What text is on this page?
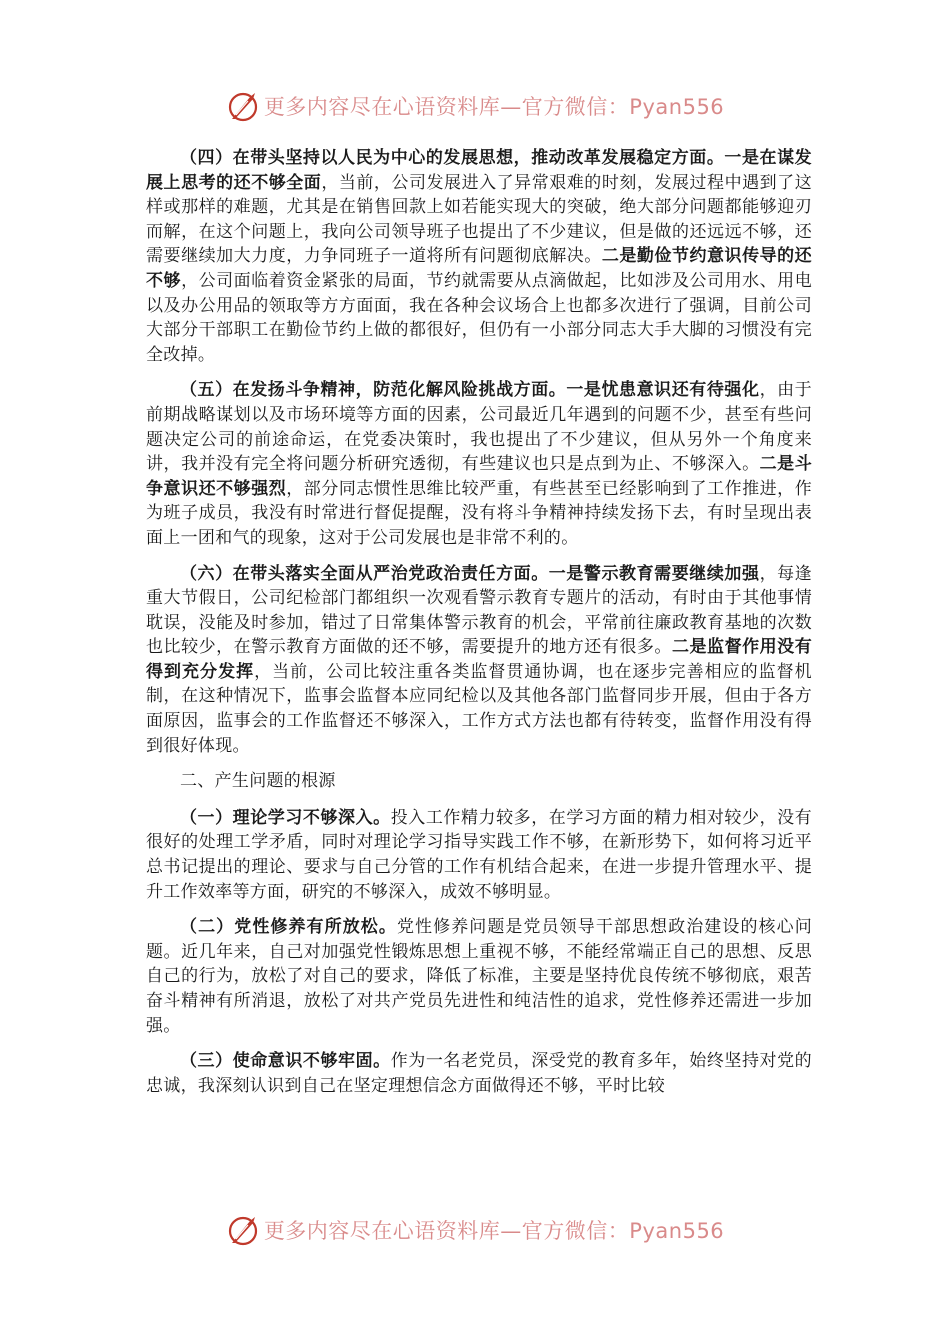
更多内容尽在心语资料库—官方微信：Pyan556

（四）在带头坚持以人民为中心的发展思想，推动改革发展稳定方面。一是在谋发展上思考的还不够全面，当前，公司发展进入了异常艰难的时刻，发展过程中遇到了这样或那样的难题，尤其是在销售回款上如若能实现大的突破，绝大部分问题都能够迎刃而解，在这个问题上，我向公司领导班子也提出了不少建议，但是做的还远远不够，还需要继续加大力度，力争同班子一道将所有问题彻底解决。二是勤俭节约意识传导的还不够，公司面临着资金紧张的局面，节约就需要从点滴做起，比如涉及公司用水、用电以及办公用品的领取等方方面面，我在各种会议场合上也都多次进行了强调，目前公司大部分干部职工在勤俭节约上做的都很好，但仍有一小部分同志大手大脚的习惯没有完全改掉。

（五）在发扬斗争精神，防范化解风险挑战方面。一是忧患意识还有待强化，由于前期战略谋划以及市场环境等方面的因素，公司最近几年遇到的问题不少，甚至有些问题决定公司的前途命运，在党委决策时，我也提出了不少建议，但从另外一个角度来讲，我并没有完全将问题分析研究透彻，有些建议也只是点到为止、不够深入。二是斗争意识还不够强烈，部分同志惯性思维比较严重，有些甚至已经影响到了工作推进，作为班子成员，我没有时常进行督促提醒，没有将斗争精神持续发扬下去，有时呈现出表面上一团和气的现象，这对于公司发展也是非常不利的。

（六）在带头落实全面从严治党政治责任方面。一是警示教育需要继续加强，每逢重大节假日，公司纪检部门都组织一次观看警示教育专题片的活动，有时由于其他事情耽误，没能及时参加，错过了日常集体警示教育的机会，平常前往廉政教育基地的次数也比较少，在警示教育方面做的还不够，需要提升的地方还有很多。二是监督作用没有得到充分发挥，当前，公司比较注重各类监督贯通协调，也在逐步完善相应的监督机制，在这种情况下，监事会监督本应同纪检以及其他各部门监督同步开展，但由于各方面原因，监事会的工作监督还不够深入，工作方式方法也都有待转变，监督作用没有得到很好体现。

二、产生问题的根源

（一）理论学习不够深入。投入工作精力较多，在学习方面的精力相对较少，没有很好的处理工学矛盾，同时对理论学习指导实践工作不够，在新形势下，如何将习近平总书记提出的理论、要求与自己分管的工作有机结合起来，在进一步提升管理水平、提升工作效率等方面，研究的不够深入，成效不够明显。

（二）党性修养有所放松。党性修养问题是党员领导干部思想政治建设的核心问题。近几年来，自己对加强党性锻炼思想上重视不够，不能经常端正自己的思想、反思自己的行为，放松了对自己的要求，降低了标准，主要是坚持优良传统不够彻底，艰苦奋斗精神有所消退，放松了对共产党员先进性和纯洁性的追求，党性修养还需进一步加强。

（三）使命意识不够牢固。作为一名老党员，深受党的教育多年，始终坚持对党的忠诚，我深刻认识到自己在坚定理想信念方面做得还不够，平时比较

更多内容尽在心语资料库—官方微信：Pyan556
